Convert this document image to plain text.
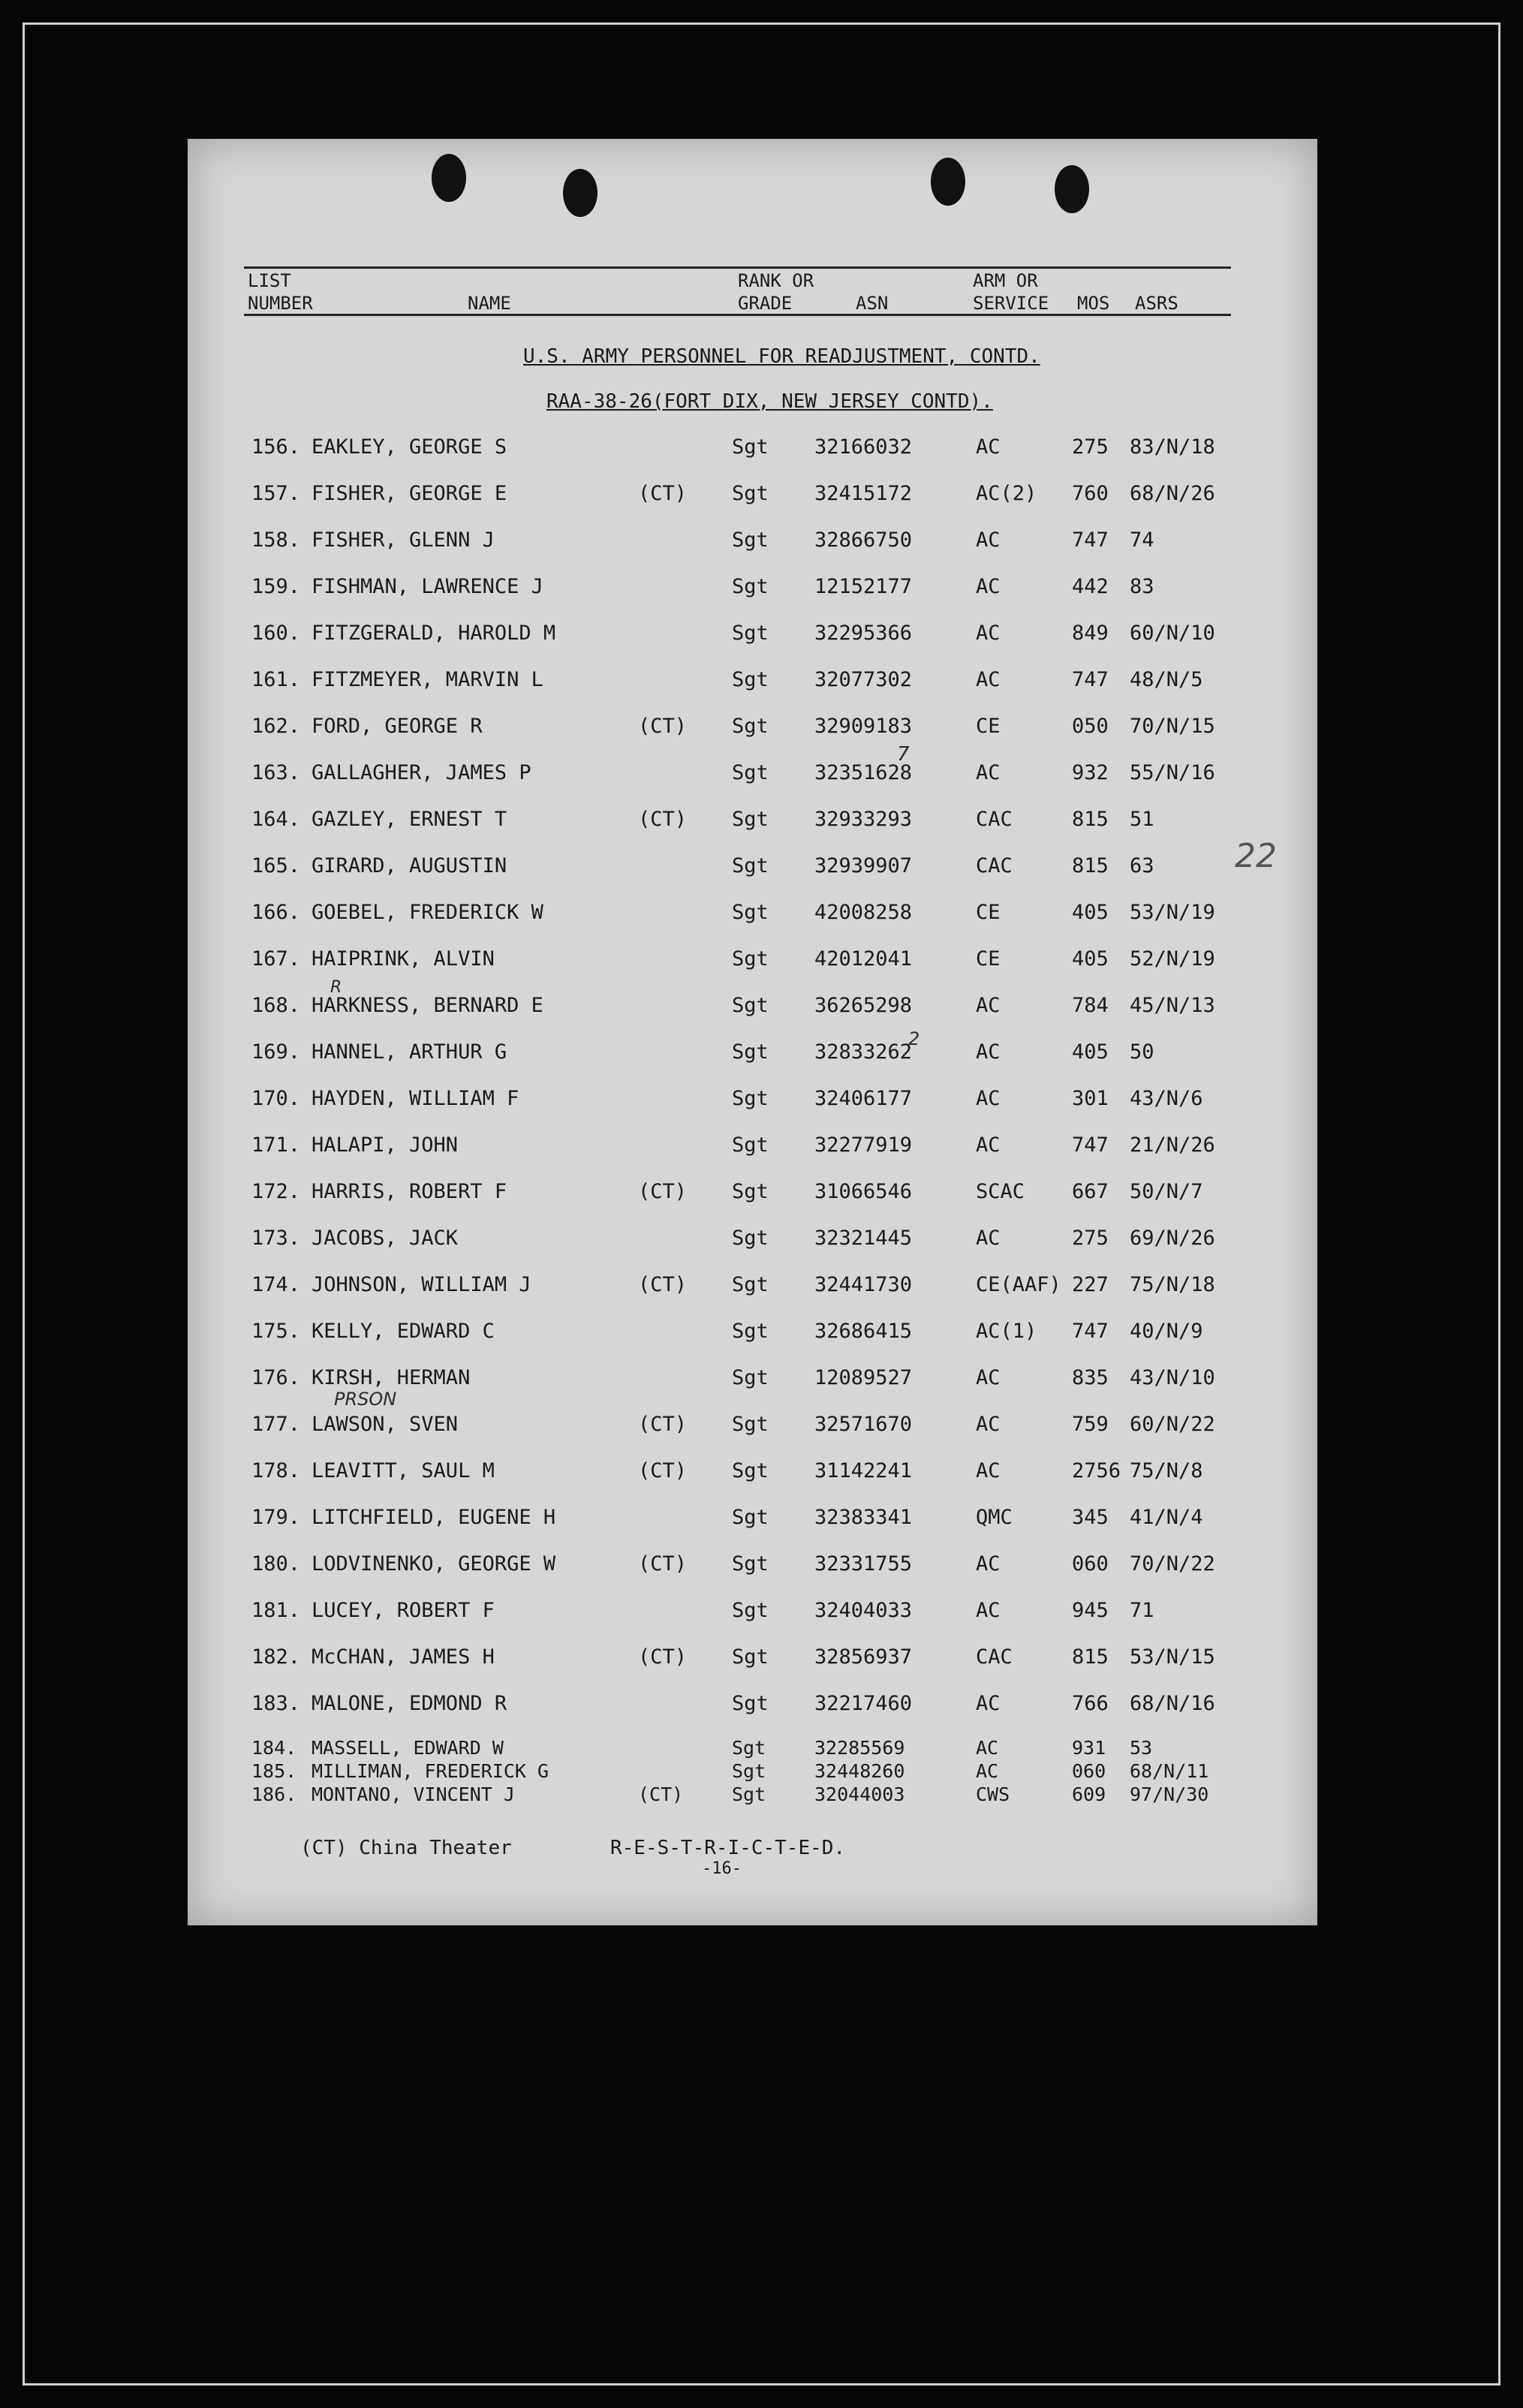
LIST
NUMBER	NAME
RANK OR
GRADE	ASN
ARM OR
SERVICE MOS ASRS
U.S. ARMY PERSONNEL FOR READJUSTMENT, CONTD.
RAA-38-26(FORT DIX, NEW JERSEY CONTD).
156. EAKLEY, GEORGE S	Sgt 32166032	AC	275 83/N/18
157. FISHER, GEORGE E	(CT) Sgt 32415172	AC(2) 760 68/N/26
158. FISHER, GLENN J	Sgt 32866750	AC	747 74
159. FISHMAN, LAWRENCE J	Sgt 12152177	AC	442 83
160. FITZGERALD, HAROLD M	Sgt 32295366	AC	849 60/N/10
161. FITZMEYER, MARVIN L	Sgt 32077302	AC	747 48/N/5
162. FORD, GEORGE R	(CT) Sgt 32909183	CE	050 70/N/15
163. GALLAGHER, JAMES P	Sgt 32351628	AC	932 55/N/16
164. GAZLEY, ERNEST T	(CT) Sgt 32933293	CAC	815 51
165. GIRARD, AUGUSTIN	Sgt 32939907	CAC	815 63
166. GOEBEL, FREDERICK W	Sgt 42008258	CE	405 53/N/19
167. HAIPRINK, ALVIN	Sgt 42012041	CE	405 52/N/19
168. HARKNESS, BERNARD E	Sgt 36265298	AC	784 45/N/13
169. HANNEL, ARTHUR G	Sgt 32833262	AC	405 50
170. HAYDEN, WILLIAM F	Sgt 32406177	AC	301 43/N/6
171. HALAPI, JOHN	Sgt 32277919	AC	747 21/N/26
172. HARRIS, ROBERT F	(CT) Sgt 31066546	SCAC 667 50/N/7
173. JACOBS, JACK	Sgt 32321445	AC	275 69/N/26
174. JOHNSON, WILLIAM J	(CT) Sgt 32441730	CE(AAF) 227 75/N/18
175. KELLY, EDWARD C	Sgt 32686415	AC(1) 747 40/N/9
176. KIRSH, HERMAN	Sgt 12089527	AC	835 43/N/10
177. LAWSON, SVEN	(CT) Sgt 32571670	AC	759 60/N/22
178. LEAVITT, SAUL M	(CT) Sgt 31142241	AC	2756 75/N/8
179. LITCHFIELD, EUGENE H	Sgt 32383341	QMC	345 41/N/4
180. LODVINENKO, GEORGE W	(CT) Sgt 32331755	AC	060 70/N/22
181. LUCEY, ROBERT F	Sgt 32404033	AC	945 71
182. McCHAN, JAMES H	(CT) Sgt 32856937	CAC	815 53/N/15
183. MALONE, EDMOND R	Sgt 32217460	AC	766 68/N/16
184. MASSELL, EDWARD W	Sgt	32285569	AC	931 53
185. MILLIMAN, FREDERICK G	Sgt	32448260	AC	060 68/N/11
186. MONTANO, VINCENT J	(CT)	Sgt	32044003	CWS	609 97/N/30
22
PRSON
R
7
2
(CT) China Theater	R-E-S-T-R-I-C-T-E-D.
-16-
